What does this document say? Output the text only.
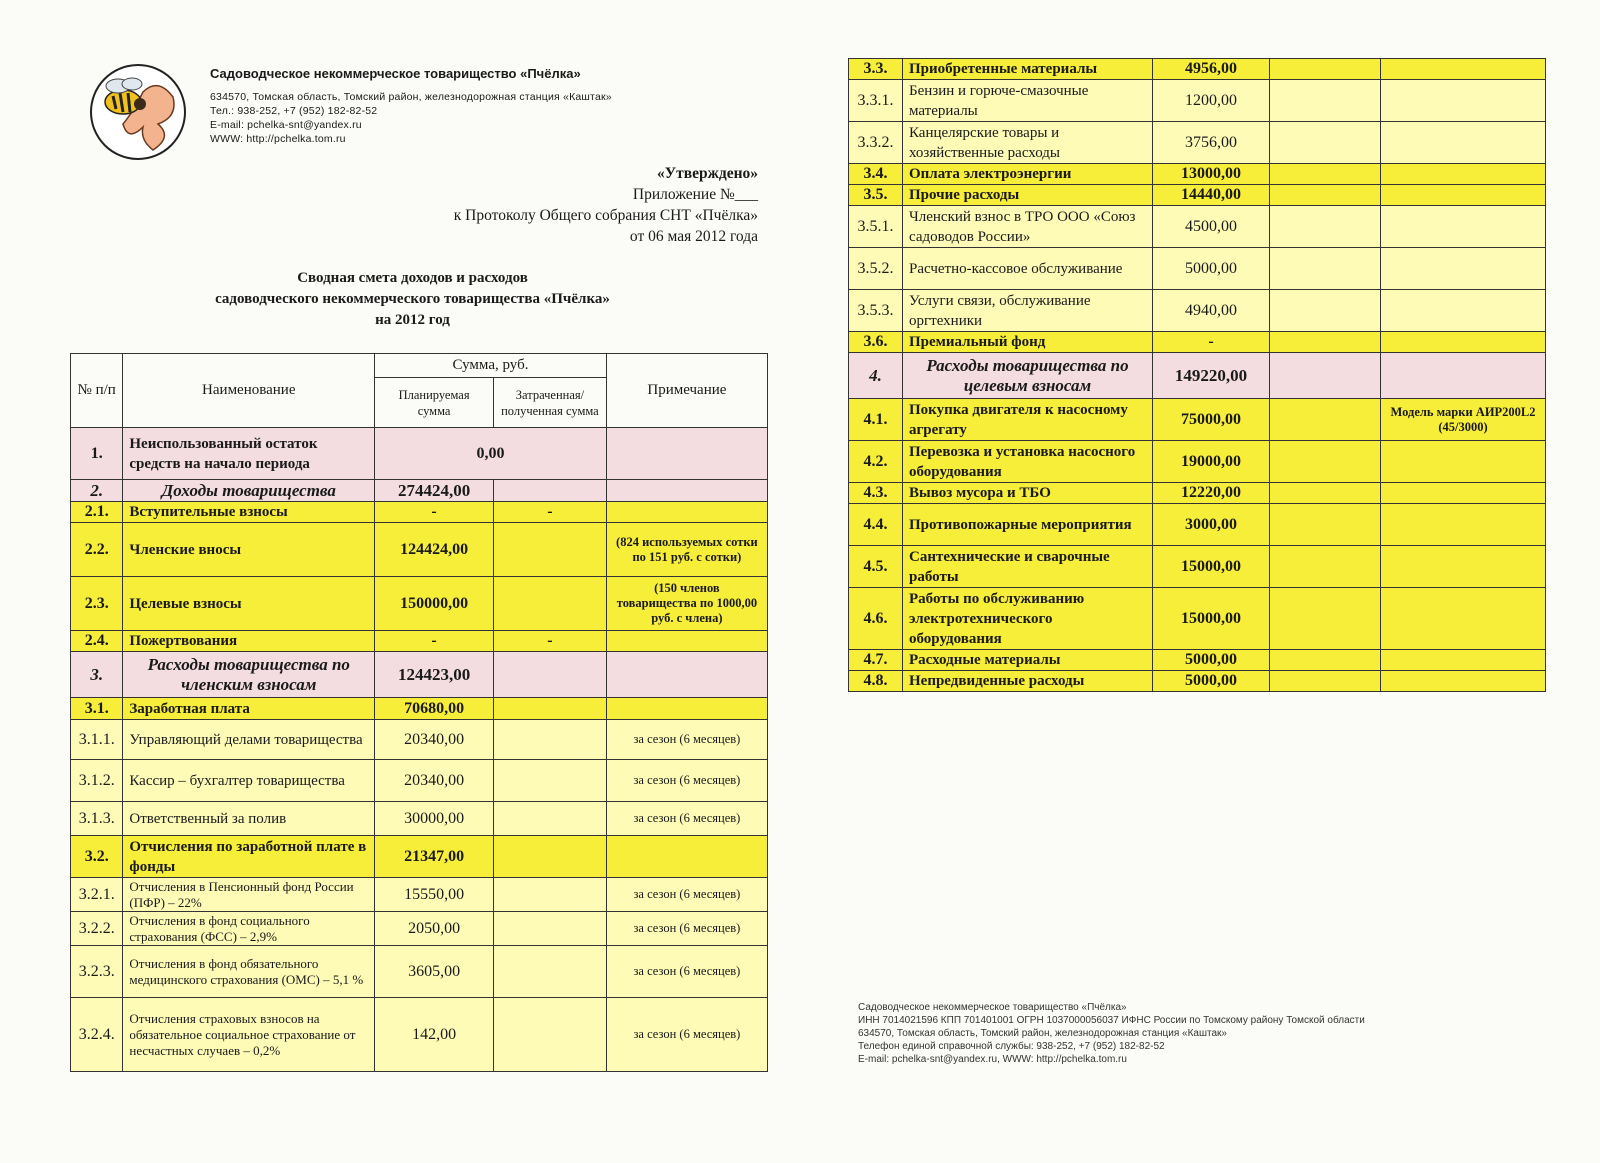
Садоводческое некоммерческое товарищество «Пчёлка»
634570, Томская область, Томский район, железнодорожная станция «Каштак»
Тел.: 938-252, +7 (952) 182-82-52
E-mail: pchelka-snt@yandex.ru
WWW: http://pchelka.tom.ru
«Утверждено»
Приложение №___
к Протоколу Общего собрания СНТ «Пчёлка»
от 06 мая 2012 года
Сводная смета доходов и расходов
садоводческого некоммерческого товарищества «Пчёлка»
на 2012 год
№ п/п	Наименование	Сумма, руб.		Примечание
		Планируемая сумма	Затраченная/ полученная сумма	
1.	Неиспользованный остаток средств на начало периода	0,00		
2.	Доходы товарищества	274424,00		
2.1.	Вступительные взносы	-	-	
2.2.	Членские вносы	124424,00		(824 используемых сотки по 151 руб. с сотки)
2.3.	Целевые взносы	150000,00		(150 членов товарищества по 1000,00 руб. с члена)
2.4.	Пожертвования	-	-	
3.	Расходы товарищества по членским взносам	124423,00		
3.1.	Заработная плата	70680,00		
3.1.1.	Управляющий делами товарищества	20340,00		за сезон (6 месяцев)
3.1.2.	Кассир – бухгалтер товарищества	20340,00		за сезон (6 месяцев)
3.1.3.	Ответственный за полив	30000,00		за сезон (6 месяцев)
3.2.	Отчисления по заработной плате в фонды	21347,00		
3.2.1.	Отчисления в Пенсионный фонд России (ПФР) – 22%	15550,00		за сезон (6 месяцев)
3.2.2.	Отчисления в фонд социального страхования (ФСС) – 2,9%	2050,00		за сезон (6 месяцев)
3.2.3.	Отчисления в фонд обязательного медицинского страхования (ОМС) – 5,1 %	3605,00		за сезон (6 месяцев)
3.2.4.	Отчисления страховых взносов на обязательное социальное страхование от несчастных случаев – 0,2%	142,00		за сезон (6 месяцев)
3.3.	Приобретенные материалы	4956,00		
3.3.1.	Бензин и горюче-смазочные материалы	1200,00		
3.3.2.	Канцелярские товары и хозяйственные расходы	3756,00		
3.4.	Оплата электроэнергии	13000,00		
3.5.	Прочие расходы	14440,00		
3.5.1.	Членский взнос в ТРО ООО «Союз садоводов России»	4500,00		
3.5.2.	Расчетно-кассовое обслуживание	5000,00		
3.5.3.	Услуги связи, обслуживание оргтехники	4940,00		
3.6.	Премиальный фонд	-		
4.	Расходы товарищества по целевым взносам	149220,00		
4.1.	Покупка двигателя к насосному агрегату	75000,00		Модель марки АИР200L2 (45/3000)
4.2.	Перевозка и установка насосного оборудования	19000,00		
4.3.	Вывоз мусора и ТБО	12220,00		
4.4.	Противопожарные мероприятия	3000,00		
4.5.	Сантехнические и сварочные работы	15000,00		
4.6.	Работы по обслуживанию электротехнического оборудования	15000,00		
4.7.	Расходные материалы	5000,00		
4.8.	Непредвиденные расходы	5000,00		
Садоводческое некоммерческое товарищество «Пчёлка»
ИНН 7014021596 КПП 701401001 ОГРН 1037000056037 ИФНС России по Томскому району Томской области
634570, Томская область, Томский район, железнодорожная станция «Каштак»
Телефон единой справочной службы: 938-252, +7 (952) 182-82-52
E-mail: pchelka-snt@yandex.ru, WWW: http://pchelka.tom.ru
